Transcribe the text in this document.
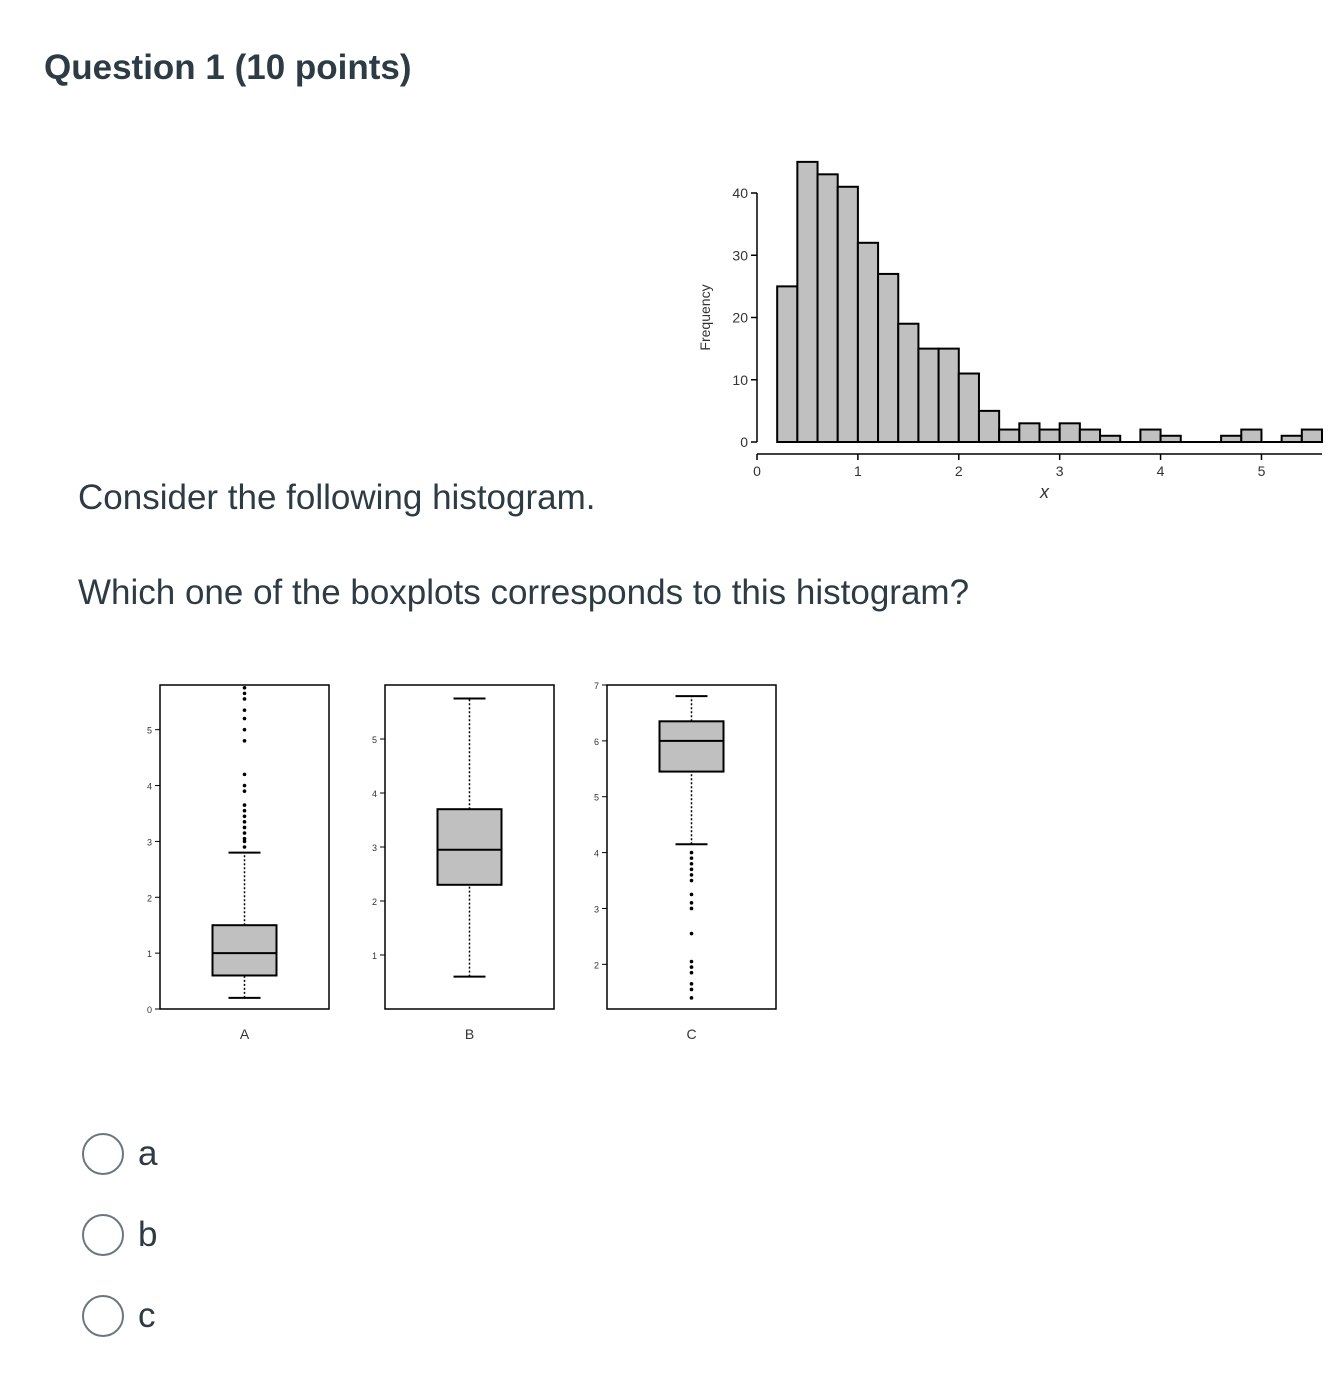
Question 1 (10 points)
0
10
20
30
40
Frequency
0	1	2	3	4	5
x

Consider the following histogram.

Which one of the boxplots corresponds to this histogram?

0
1
2
3
4
5
A
1
2
3
4
5
B
2
3
4
5
6
7
C
a
b
c
